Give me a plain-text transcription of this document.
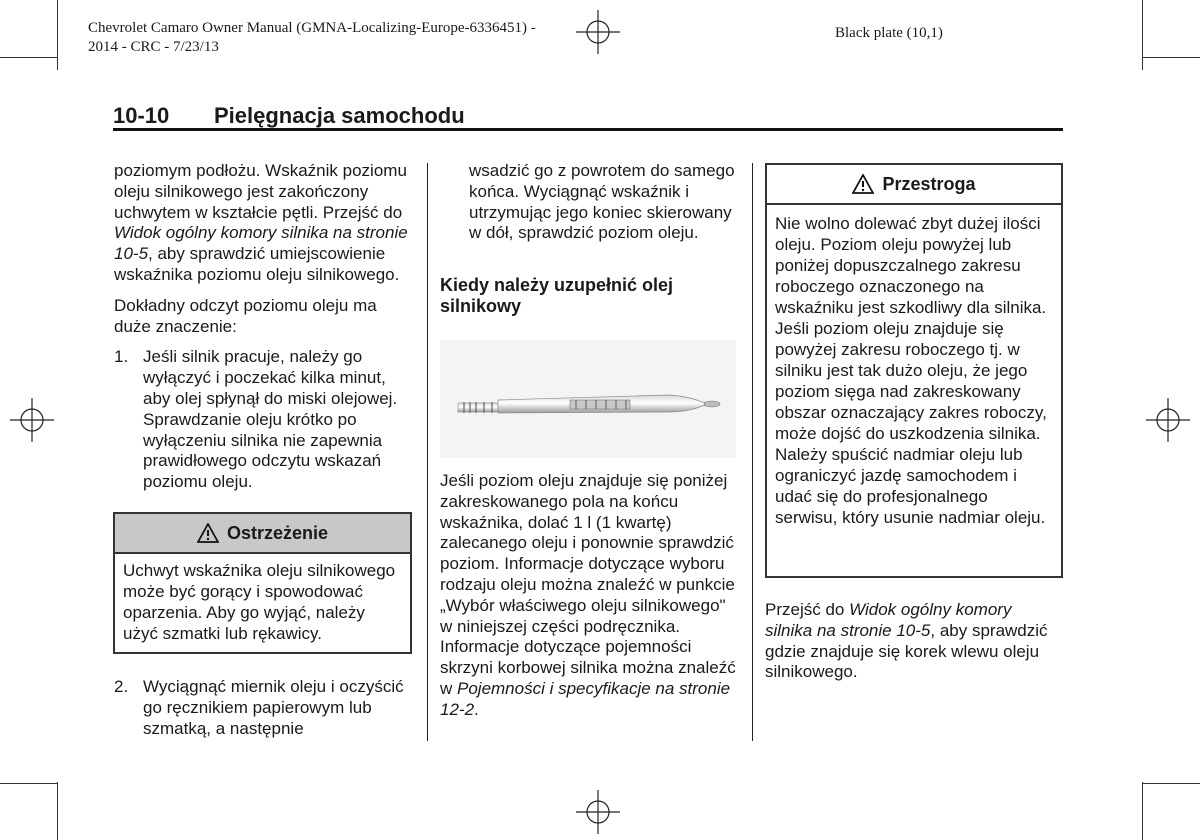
Chevrolet Camaro Owner Manual (GMNA-Localizing-Europe-6336451) -
2014 - CRC - 7/23/13
Black plate (10,1)
10-10 Pielęgnacja samochodu

poziomym podłożu. Wskaźnik poziomu oleju silnikowego jest zakończony uchwytem w kształcie pętli. Przejść do Widok ogólny komory silnika na stronie 10-5, aby sprawdzić umiejscowienie wskaźnika poziomu oleju silnikowego.

Dokładny odczyt poziomu oleju ma duże znaczenie:

1. Jeśli silnik pracuje, należy go wyłączyć i poczekać kilka minut, aby olej spłynął do miski olejowej. Sprawdzanie oleju krótko po wyłączeniu silnika nie zapewnia prawidłowego odczytu wskazań poziomu oleju.
Ostrzeżenie
Uchwyt wskaźnika oleju silnikowego może być gorący i spowodować oparzenia. Aby go wyjąć, należy użyć szmatki lub rękawicy.
2. Wyciągnąć miernik oleju i oczyścić go ręcznikiem papierowym lub szmatką, a następnie
wsadzić go z powrotem do samego końca. Wyciągnąć wskaźnik i utrzymując jego koniec skierowany w dół, sprawdzić poziom oleju.
Kiedy należy uzupełnić olej silnikowy
Jeśli poziom oleju znajduje się poniżej zakreskowanego pola na końcu wskaźnika, dolać 1 l (1 kwartę) zalecanego oleju i ponownie sprawdzić poziom. Informacje dotyczące wyboru rodzaju oleju można znaleźć w punkcie „Wybór właściwego oleju silnikowego" w niniejszej części podręcznika. Informacje dotyczące pojemności skrzyni korbowej silnika można znaleźć w Pojemności i specyfikacje na stronie 12-2.
Przestroga
Nie wolno dolewać zbyt dużej ilości oleju. Poziom oleju powyżej lub poniżej dopuszczalnego zakresu roboczego oznaczonego na wskaźniku jest szkodliwy dla silnika. Jeśli poziom oleju znajduje się powyżej zakresu roboczego tj. w silniku jest tak dużo oleju, że jego poziom sięga nad zakreskowany obszar oznaczający zakres roboczy, może dojść do uszkodzenia silnika. Należy spuścić nadmiar oleju lub ograniczyć jazdę samochodem i udać się do profesjonalnego serwisu, który usunie nadmiar oleju.
Przejść do Widok ogólny komory silnika na stronie 10-5, aby sprawdzić gdzie znajduje się korek wlewu oleju silnikowego.
